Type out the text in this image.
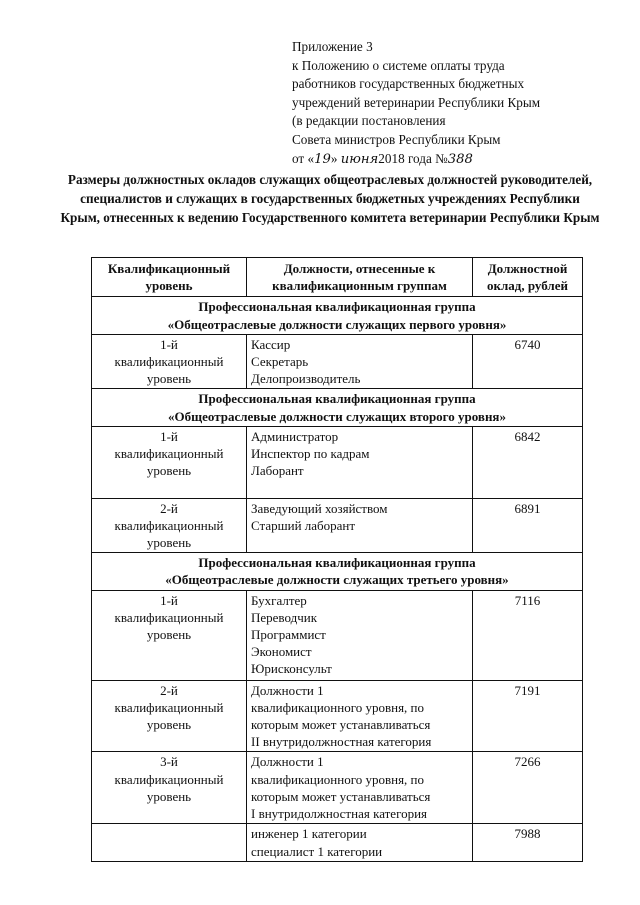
Приложение 3
к Положению о системе оплаты труда
работников государственных бюджетных
учреждений ветеринарии Республики Крым
(в редакции постановления
Совета министров Республики Крым
от «19» июня2018 года №388
Размеры должностных окладов служащих общеотраслевых должностей руководителей, специалистов и служащих в государственных бюджетных учреждениях Республики Крым, отнесенных к ведению Государственного комитета ветеринарии Республики Крым
Квалификационный уровень	Должности, отнесенные к квалификационным группам	Должностной оклад, рублей

Профессиональная квалификационная группа
«Общеотраслевые должности служащих первого уровня»		

1-й
квалификационный
уровень	Кассир
Секретарь
Делопроизводитель	6740

Профессиональная квалификационная группа
«Общеотраслевые должности служащих второго уровня»		

1-й
квалификационный
уровень	Администратор
Инспектор по кадрам
Лаборант	6842

2-й
квалификационный
уровень	Заведующий хозяйством
Старший лаборант	6891

Профессиональная квалификационная группа
«Общеотраслевые должности служащих третьего уровня»		

1-й
квалификационный
уровень	Бухгалтер
Переводчик
Программист
Экономист
Юрисконсульт	7116

2-й
квалификационный
уровень	Должности 1
квалификационного уровня, по
которым может устанавливаться
II внутридолжностная категория	7191

3-й
квалификационный
уровень	Должности 1
квалификационного уровня, по
которым может устанавливаться
I внутридолжностная категория	7266

	инженер 1 категории
специалист 1 категории	7988
